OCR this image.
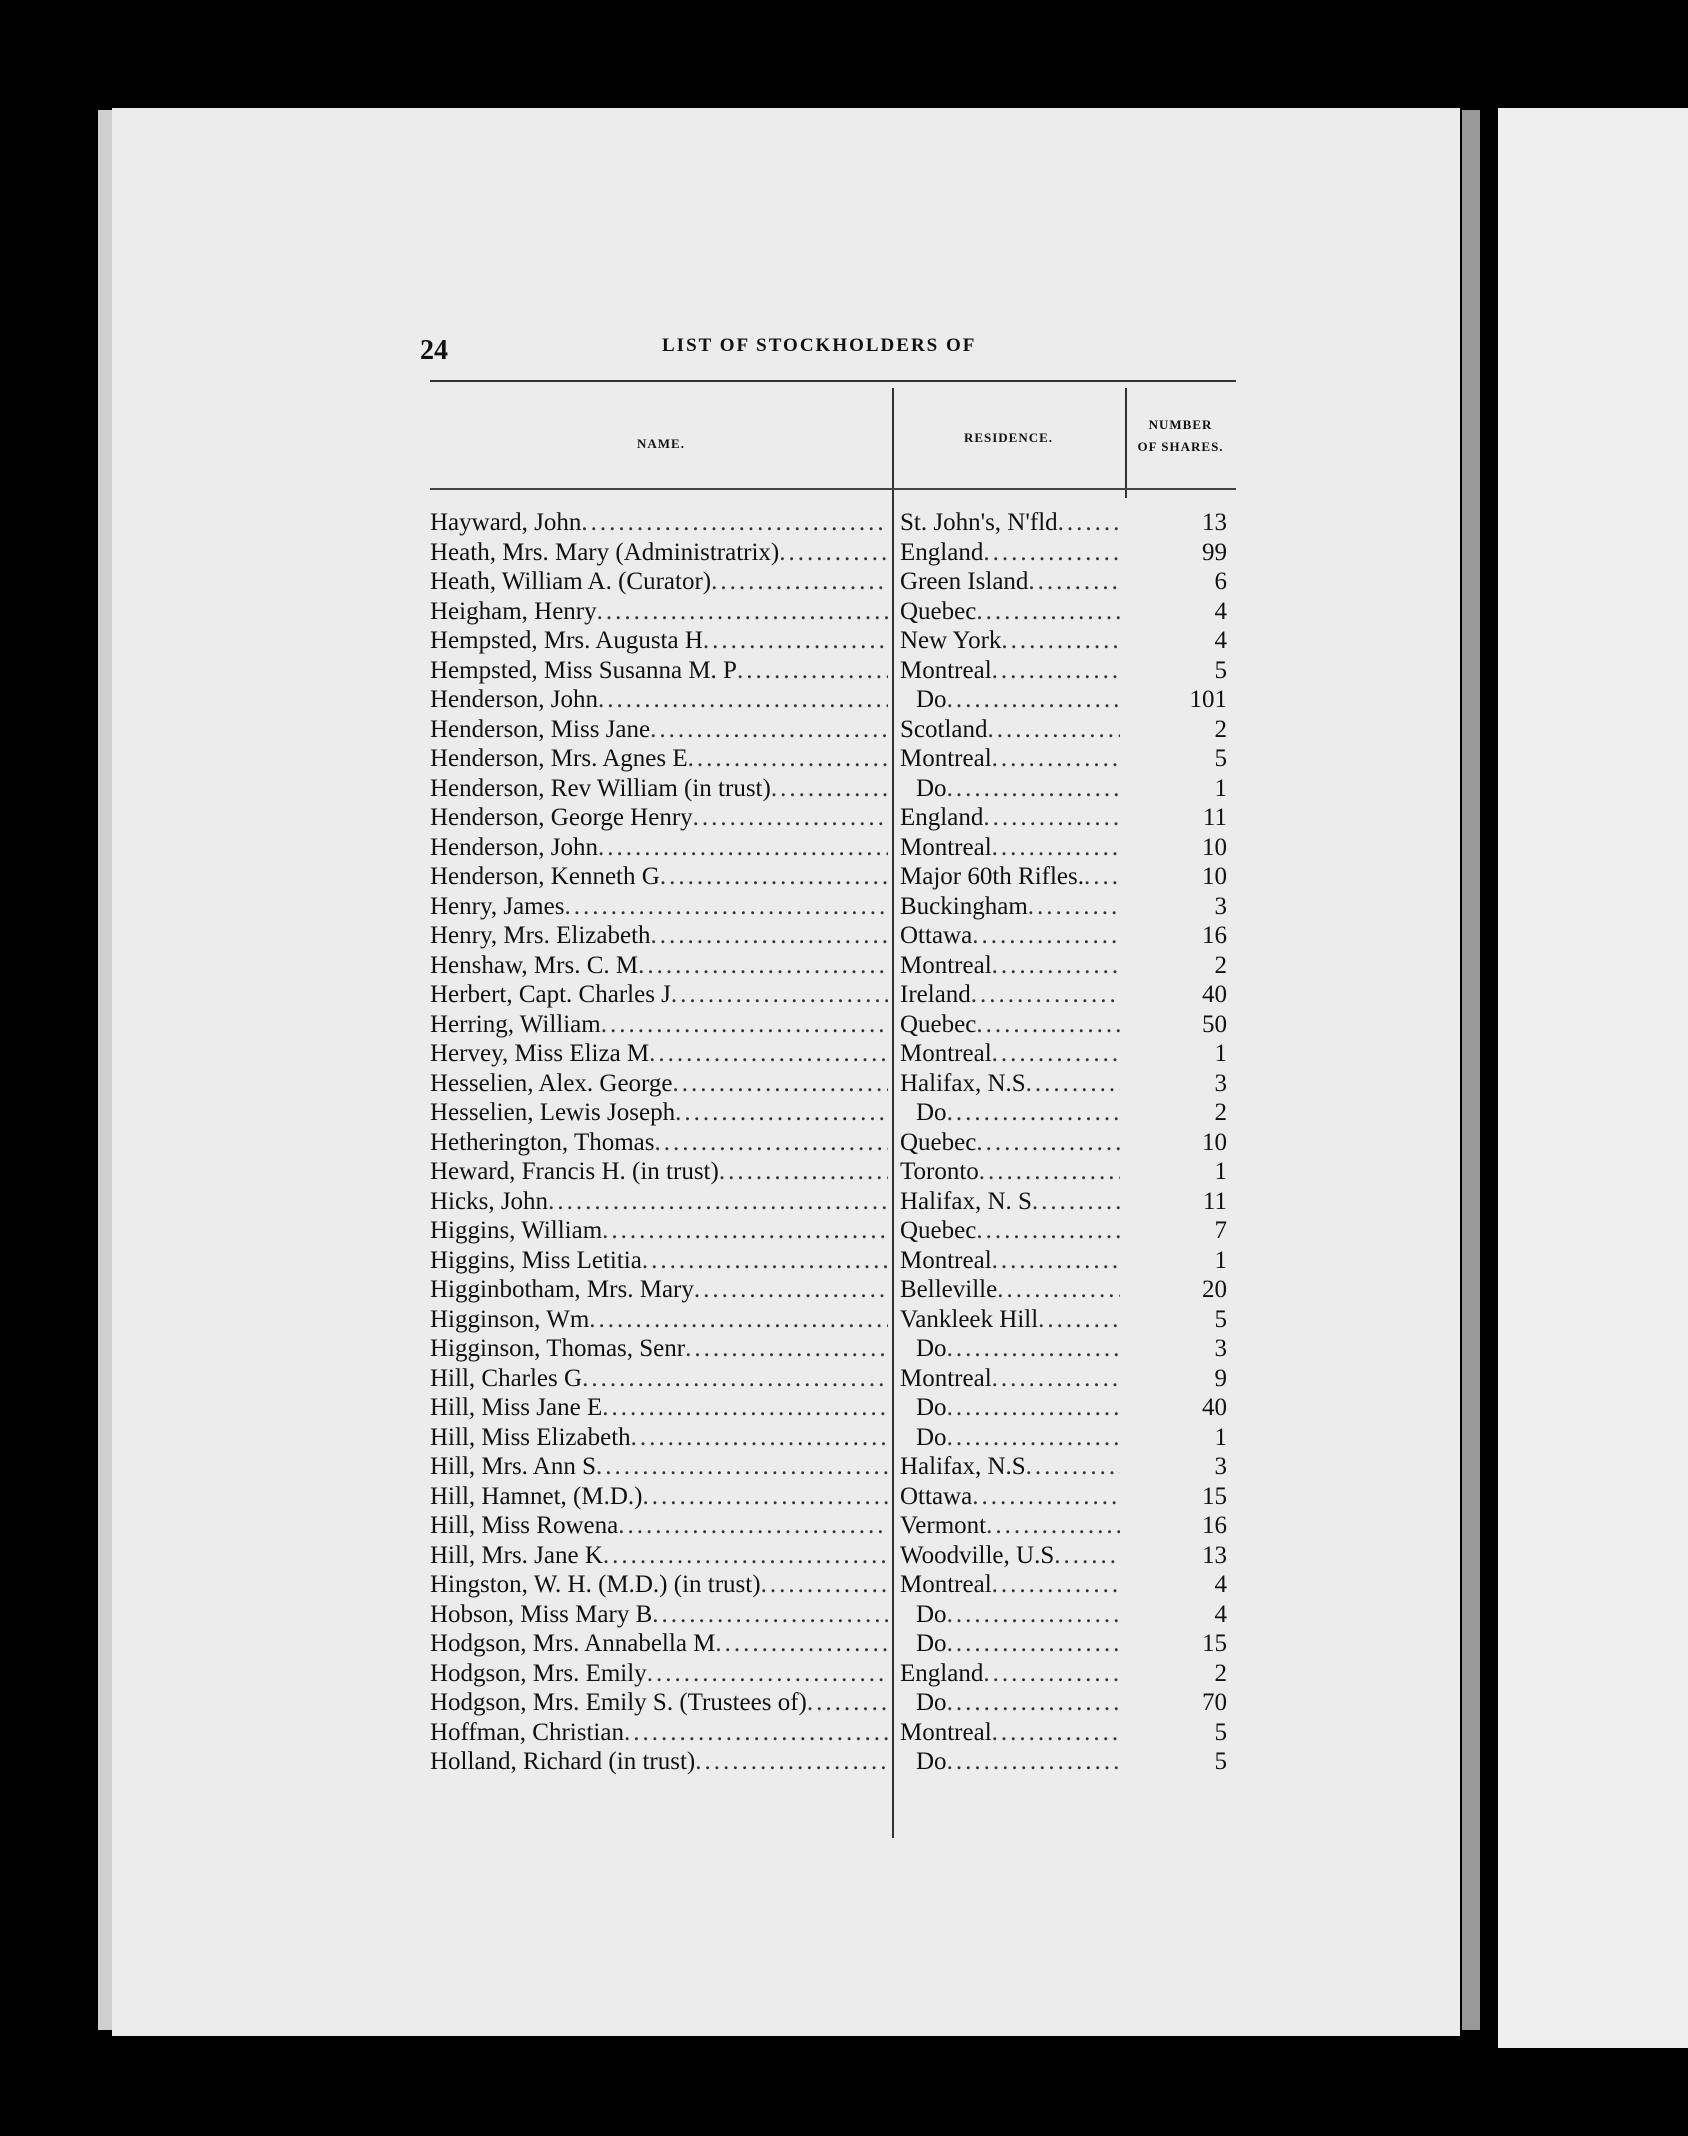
24	LIST OF STOCKHOLDERS OF
NAME.	RESIDENCE.
NUMBER
OF SHARES.
Hayward, John .....	St. John's, N'fld .....	13
Heath, Mrs. Mary (Administratrix) .....	England .....	99
Heath, William A. (Curator) .....	Green Island .....	6
Heigham, Henry .....	Quebec .....	4
Hempsted, Mrs. Augusta H .....	New York .....	4
Hempsted, Miss Susanna M. P .....	Montreal .....	5
Henderson, John .....	Do .....	101
Henderson, Miss Jane .....	Scotland .....	2
Henderson, Mrs. Agnes E .....	Montreal .....	5
Henderson, Rev William (in trust) .....	Do .....	1
Henderson, George Henry .....	England .....	11
Henderson, John .....	Montreal .....	10
Henderson, Kenneth G .....	Major 60th Rifles. .....	10
Henry, James .....	Buckingham .....	3
Henry, Mrs. Elizabeth .....	Ottawa .....	16
Henshaw, Mrs. C. M .....	Montreal .....	2
Herbert, Capt. Charles J .....	Ireland .....	40
Herring, William .....	Quebec .....	50
Hervey, Miss Eliza M .....	Montreal .....	1
Hesselien, Alex. George .....	Halifax, N.S .....	3
Hesselien, Lewis Joseph .....	Do .....	2
Hetherington, Thomas .....	Quebec .....	10
Heward, Francis H. (in trust) .....	Toronto .....	1
Hicks, John .....	Halifax, N. S .....	11
Higgins, William .....	Quebec .....	7
Higgins, Miss Letitia .....	Montreal .....	1
Higginbotham, Mrs. Mary .....	Belleville .....	20
Higginson, Wm .....	Vankleek Hill .....	5
Higginson, Thomas, Senr .....	Do .....	3
Hill, Charles G .....	Montreal .....	9
Hill, Miss Jane E .....	Do .....	40
Hill, Miss Elizabeth .....	Do .....	1
Hill, Mrs. Ann S .....	Halifax, N.S .....	3
Hill, Hamnet, (M.D.) .....	Ottawa .....	15
Hill, Miss Rowena .....	Vermont .....	16
Hill, Mrs. Jane K .....	Woodville, U.S .....	13
Hingston, W. H. (M.D.) (in trust) .....	Montreal .....	4
Hobson, Miss Mary B .....	Do .....	4
Hodgson, Mrs. Annabella M .....	Do .....	15
Hodgson, Mrs. Emily .....	England .....	2
Hodgson, Mrs. Emily S. (Trustees of) .....	Do .....	70
Hoffman, Christian .....	Montreal .....	5
Holland, Richard (in trust) .....	Do .....	5
